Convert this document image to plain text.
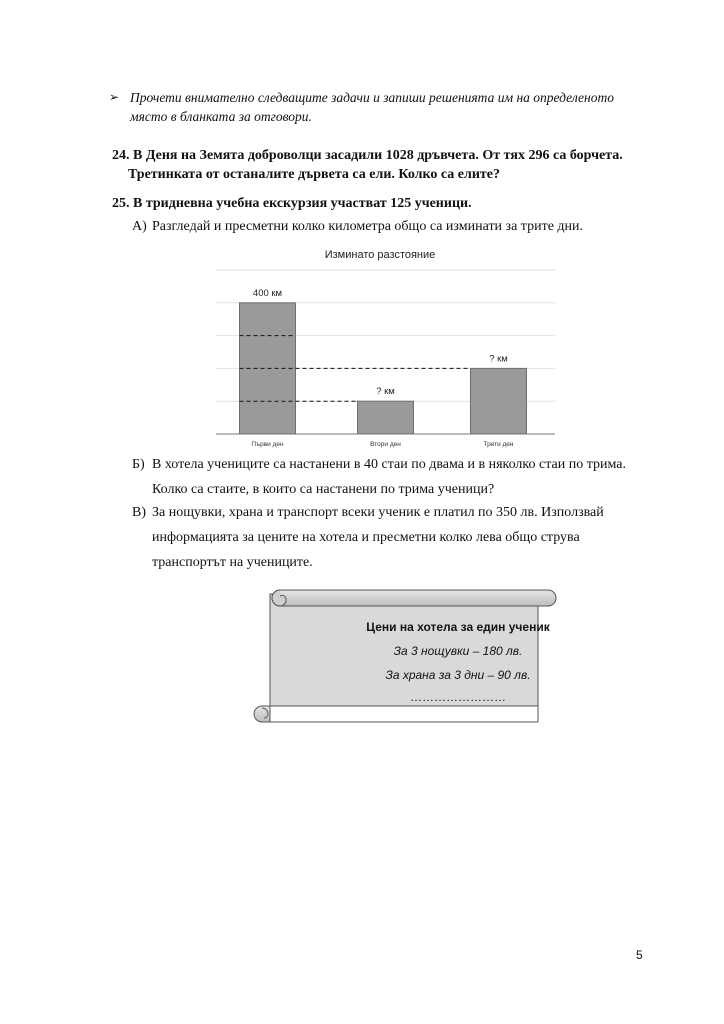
➢ Прочети внимателно следващите задачи и запиши решенията им на определеното място в бланката за отговори.
24. В Деня на Земята доброволци засадили 1028 дръвчета. От тях 296 са борчета.
Третинката от останалите дървета са ели. Колко са елите?
25. В тридневна учебна екскурзия участват 125 ученици.
А) Разгледай и пресметни колко километра общо са изминати за трите дни.
Изминато разстояние
400 км
? км
? км
Първи ден	Втори ден	Трети ден
Б) В хотела учениците са настанени в 40 стаи по двама и в няколко стаи по трима. Колко са стаите, в които са настанени по трима ученици?
В) За нощувки, храна и транспорт всеки ученик е платил по 350 лв. Използвай информацията за цените на хотела и пресметни колко лева общо струва транспортът на учениците.
Цени на хотела за един ученик
За 3 нощувки – 180 лв.
За храна за 3 дни – 90 лв.
……………………
5
